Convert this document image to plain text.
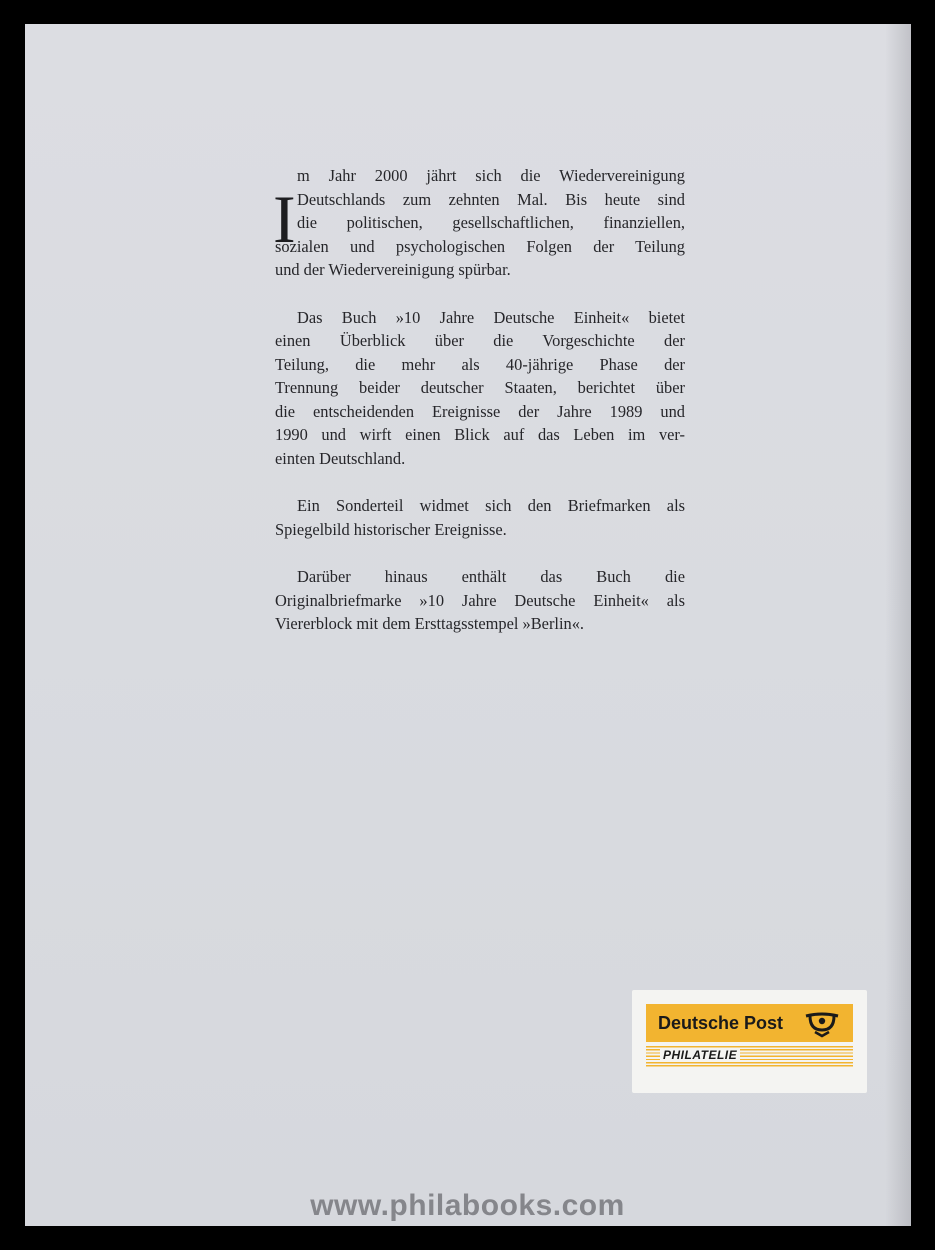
I
m Jahr 2000 jährt sich die Wiedervereinigung
Deutschlands zum zehnten Mal. Bis heute sind
die politischen, gesellschaftlichen, finanziellen,
sozialen und psychologischen Folgen der Teilung
und der Wiedervereinigung spürbar.
Das Buch »10 Jahre Deutsche Einheit« bietet
einen Überblick über die Vorgeschichte der
Teilung, die mehr als 40-jährige Phase der
Trennung beider deutscher Staaten, berichtet über
die entscheidenden Ereignisse der Jahre 1989 und
1990 und wirft einen Blick auf das Leben im ver-
einten Deutschland.
Ein Sonderteil widmet sich den Briefmarken als
Spiegelbild historischer Ereignisse.
Darüber hinaus enthält das Buch die
Originalbriefmarke »10 Jahre Deutsche Einheit« als
Viererblock mit dem Ersttagsstempel »Berlin«.
Deutsche Post
PHILATELIE
www.philabooks.com
